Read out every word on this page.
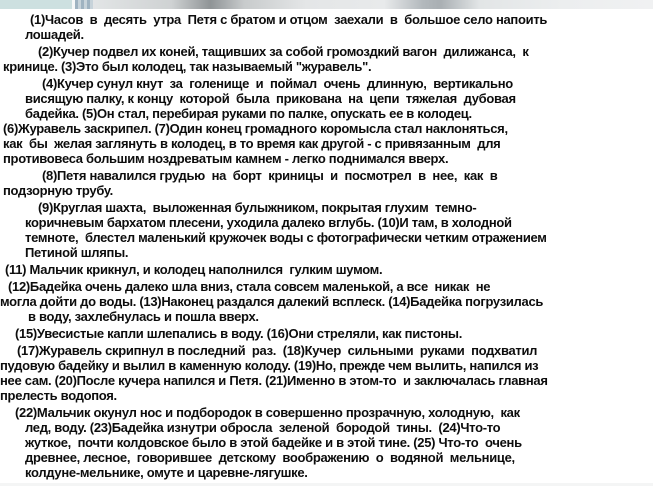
(1)Часов  в  десять  утра  Петя с братом и отцом  заехали  в  большое село напоить
лошадей.
(2)Кучер подвел их коней, тащивших за собой громоздкий вагон  дилижанса,  к
кринице. (3)Это был колодец, так называемый "журавель".
(4)Кучер сунул кнут  за  голенище  и  поймал  очень  длинную,  вертикально
висящую палку, к концу  которой  была  прикована  на  цепи  тяжелая  дубовая
бадейка. (5)Он стал, перебирая руками по палке, опускать ее в колодец.
(6)Журавель заскрипел. (7)Один конец громадного коромысла стал наклоняться,
как  бы  желая заглянуть в колодец, в то время как другой - с привязанным  для
противовеса большим ноздреватым камнем - легко поднимался вверх.
(8)Петя навалился грудью  на  борт  криницы  и  посмотрел  в  нее,  как  в
подзорную трубу.
(9)Круглая шахта,  выложенная булыжником, покрытая глухим  темно-
коричневым бархатом плесени, уходила далеко вглубь. (10)И там, в холодной
темноте,  блестел маленький кружочек воды с фотографически четким отражением
Петиной шляпы.
(11) Мальчик крикнул, и колодец наполнился  гулким шумом.
(12)Бадейка очень далеко шла вниз, стала совсем маленькой, а все  никак  не
могла дойти до воды. (13)Наконец раздался далекий всплеск. (14)Бадейка погрузилась
в воду, захлебнулась и пошла вверх.
(15)Увесистые капли шлепались в воду. (16)Они стреляли, как пистоны.
(17)Журавель скрипнул в последний  раз.  (18)Кучер  сильными  руками  подхватил
пудовую бадейку и вылил в каменную колоду. (19)Но, прежде чем вылить, напился из
нее сам. (20)После кучера напился и Петя. (21)Именно в этом-то  и заключалась главная
прелесть водопоя.
(22)Мальчик окунул нос и подбородок в совершенно прозрачную, холодную,  как
лед, воду. (23)Бадейка изнутри обросла  зеленой  бородой  тины.  (24)Что-то
жуткое,  почти колдовское было в этой бадейке и в этой тине. (25) Что-то  очень
древнее, лесное,  говорившее  детскому  воображению  о  водяной  мельнице,
колдуне-мельнике, омуте и царевне-лягушке.
